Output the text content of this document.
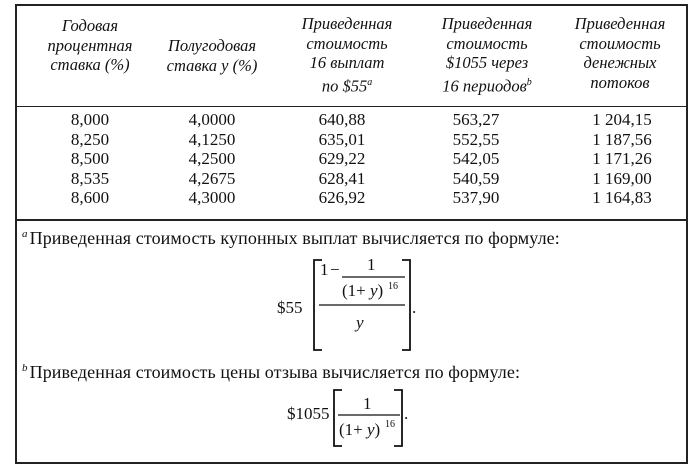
Годовая
процентная
ставка (%)
Полугодовая
ставка y (%)
Приведенная
стоимость
16 выплат
по $55$^a$
Приведенная
стоимость
$1055 через
16 периодов$^b$
Приведенная
стоимость
денежных
потоков
8,000
8,250
8,500
8,535
8,600
4,0000
4,1250
4,2500
4,2675
4,3000
640,88
635,01
629,22
628,41
626,92
563,27
552,55
542,05
540,59
537,90
1 204,15
1 187,56
1 171,26
1 169,00
1 164,83
$^a$ Приведенная стоимость купонных выплат вычисляется по формуле:
$^b$ Приведенная стоимость цены отзыва вычисляется по формуле:
$55
1 − 1
(1+ y) 16
y
.
$1055
1
(1+ y) 16
.
